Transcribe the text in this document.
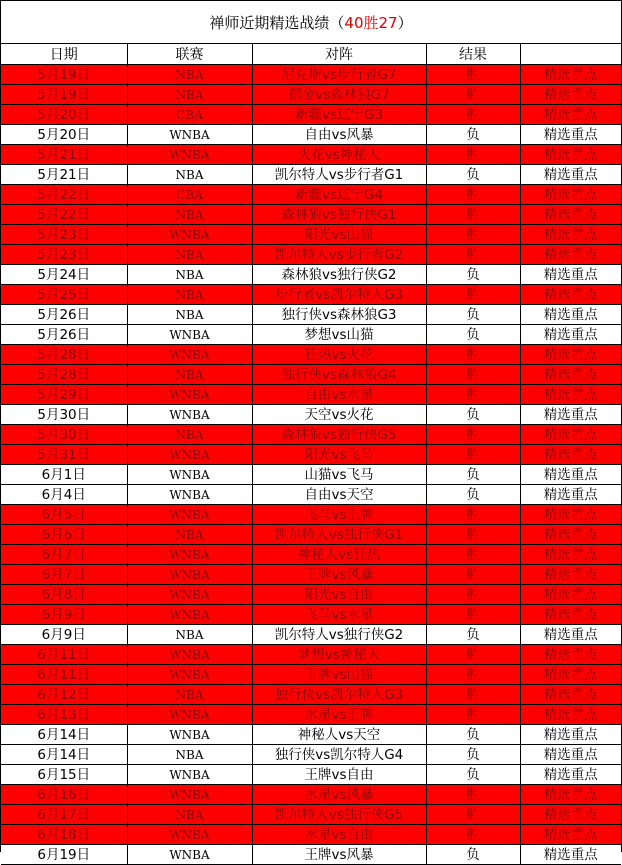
禅师近期精选战绩（ 40胜27 ）
日期	联赛	对阵	结果	
5月19日	NBA	尼克斯vs步行者G7	胜	精选重点
5月19日	NBA	掘金vs森林狼G7	胜	精选重点
5月20日	CBA	新疆vs辽宁G3	胜	精选重点
5月20日	WNBA	自由vs风暴	负	精选重点
5月21日	WNBA	火花vs神秘人	胜	精选重点
5月21日	NBA	凯尔特人vs步行者G1	负	精选重点
5月22日	CBA	新疆vs辽宁G4	胜	精选重点
5月22日	NBA	森林狼vs独行侠G1	胜	精选重点
5月23日	WNBA	阳光vs山猫	胜	精选重点
5月23日	NBA	凯尔特人vs步行者G2	胜	精选重点
5月24日	NBA	森林狼vs独行侠G2	负	精选重点
5月25日	NBA	步行者vs凯尔特人G3	胜	精选重点
5月26日	NBA	独行侠vs森林狼G3	负	精选重点
5月26日	WNBA	梦想vs山猫	负	精选重点
5月28日	WNBA	狂热vs火花	胜	精选重点
5月28日	NBA	独行侠vs森林狼G4	胜	精选重点
5月29日	WNBA	自由vs水星	胜	精选重点
5月30日	WNBA	天空vs火花	负	精选重点
5月30日	NBA	森林狼vs独行侠G5	胜	精选重点
5月31日	WNBA	阳光vs飞马	胜	精选重点
6月1日	WNBA	山猫vs飞马	负	精选重点
6月4日	WNBA	自由vs天空	负	精选重点
6月5日	WNBA	飞马vs王牌	胜	精选重点
6月6日	NBA	凯尔特人vs独行侠G1	胜	精选重点
6月7日	WNBA	神秘人vs狂热	胜	精选重点
6月7日	WNBA	王牌vs风暴	胜	精选重点
6月8日	WNBA	阳光vs自由	胜	精选重点
6月9日	WNBA	飞马vs水星	胜	精选重点
6月9日	NBA	凯尔特人vs独行侠G2	负	精选重点
6月11日	WNBA	梦想vs神秘人	胜	精选重点
6月11日	WNBA	王牌vs山猫	胜	精选重点
6月12日	NBA	独行侠vs凯尔特人G3	胜	精选重点
6月13日	WNBA	水星vs王牌	胜	精选重点
6月14日	WNBA	神秘人vs天空	负	精选重点
6月14日	NBA	独行侠vs凯尔特人G4	负	精选重点
6月15日	WNBA	王牌vs自由	负	精选重点
6月16日	WNBA	水星vs风暴	胜	精选重点
6月17日	NBA	凯尔特人vs独行侠G5	胜	精选重点
6月18日	WNBA	水星vs自由	胜	精选重点
6月19日	WNBA	王牌vs风暴	负	精选重点
